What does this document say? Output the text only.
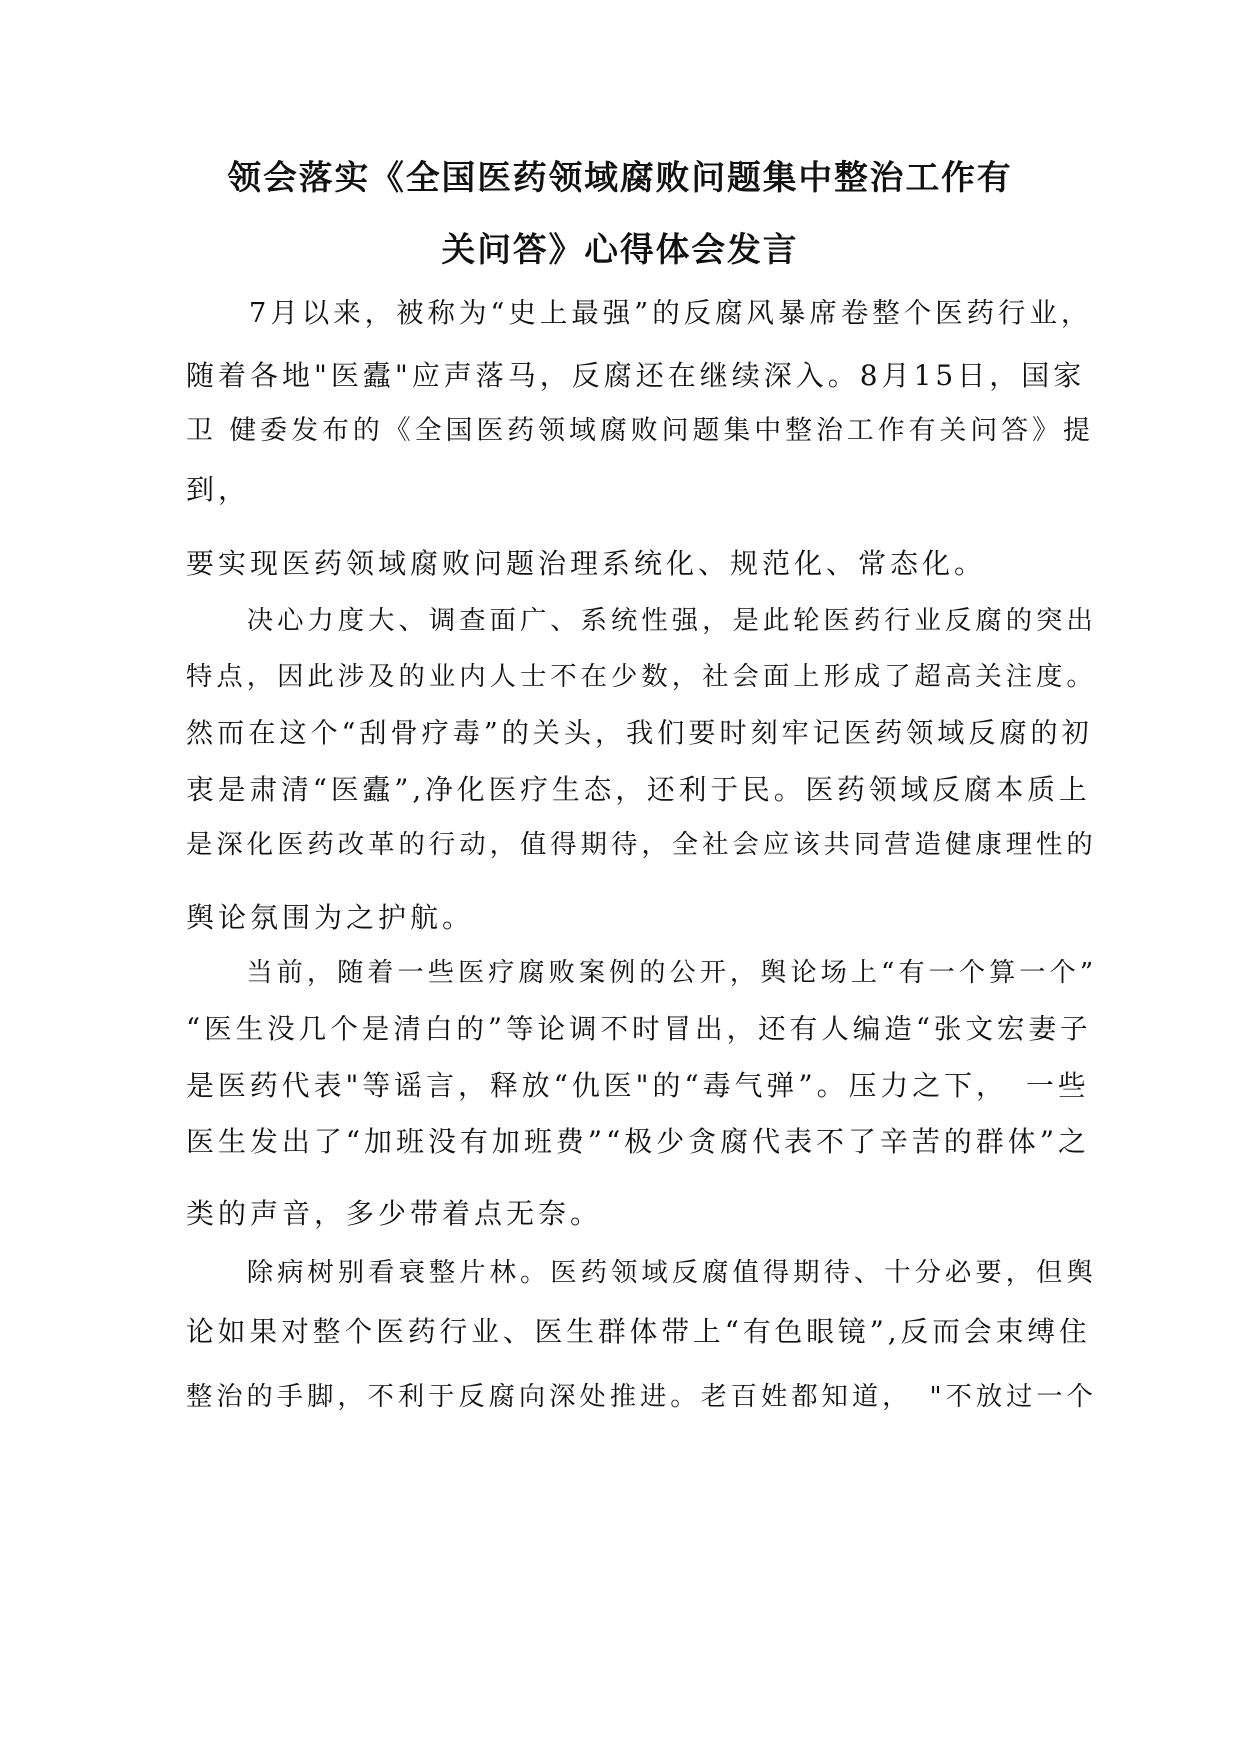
领会落实《全国医药领域腐败问题集中整治工作有
关问答》心得体会发言

　　7月以来，被称为“史上最强”的反腐风暴席卷整个医药行业，

随着各地"医蠹"应声落马，反腐还在继续深入。8月15日，国家

卫 健委发布的《全国医药领域腐败问题集中整治工作有关问答》提

到，

要实现医药领域腐败问题治理系统化、规范化、常态化。

　　决心力度大、调查面广、系统性强，是此轮医药行业反腐的突出

特点，因此涉及的业内人士不在少数，社会面上形成了超高关注度。

然而在这个“刮骨疗毒”的关头，我们要时刻牢记医药领域反腐的初

衷是肃清“医蠹”,净化医疗生态，还利于民。医药领域反腐本质上

是深化医药改革的行动，值得期待，全社会应该共同营造健康理性的

舆论氛围为之护航。

　　当前，随着一些医疗腐败案例的公开，舆论场上“有一个算一个”

“医生没几个是清白的”等论调不时冒出，还有人编造“张文宏妻子

是医药代表"等谣言，释放“仇医"的“毒气弹”。压力之下，　一些

医生发出了“加班没有加班费”“极少贪腐代表不了辛苦的群体”之

类的声音，多少带着点无奈。

　　除病树别看衰整片林。医药领域反腐值得期待、十分必要，但舆

论如果对整个医药行业、医生群体带上“有色眼镜”,反而会束缚住

整治的手脚，不利于反腐向深处推进。老百姓都知道，　"不放过一个
